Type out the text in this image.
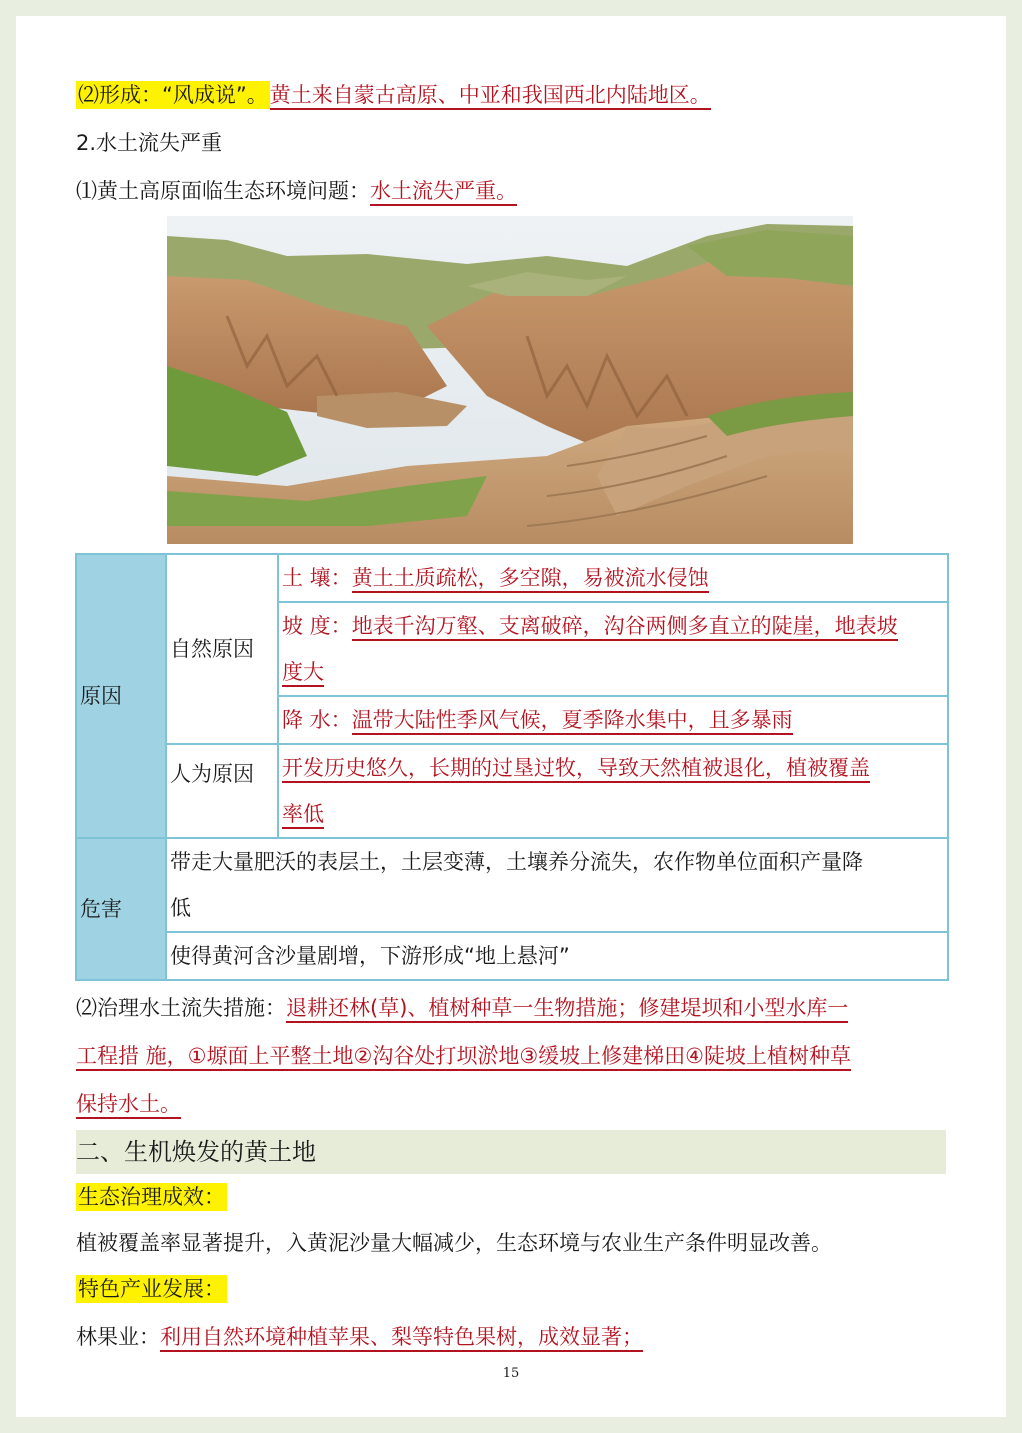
⑵形成：“风成说”。黄土来自蒙古高原、中亚和我国西北内陆地区。
2.水土流失严重
⑴黄土高原面临生态环境问题：水土流失严重。
原因	自然原因	土 壤：黄土土质疏松，多空隙，易被流水侵蚀

		坡 度：地表千沟万壑、支离破碎，沟谷两侧多直立的陡崖，地表坡
度大

		降 水：温带大陆性季风气候，夏季降水集中，且多暴雨
	人为原因	开发历史悠久，长期的过垦过牧，导致天然植被退化，植被覆盖
率低

危害	带走大量肥沃的表层土，土层变薄，土壤养分流失，农作物单位面积产量降
低	

	使得黄河含沙量剧增，下游形成“地上悬河”	
⑵治理水土流失措施：退耕还林(草)、植树种草一生物措施；修建堤坝和小型水库一
工程措 施，①塬面上平整土地②沟谷处打坝淤地③缓坡上修建梯田④陡坡上植树种草
保持水土。
二、生机焕发的黄土地
生态治理成效：
植被覆盖率显著提升，入黄泥沙量大幅减少，生态环境与农业生产条件明显改善。
特色产业发展：
林果业：利用自然环境种植苹果、梨等特色果树，成效显著；
15
